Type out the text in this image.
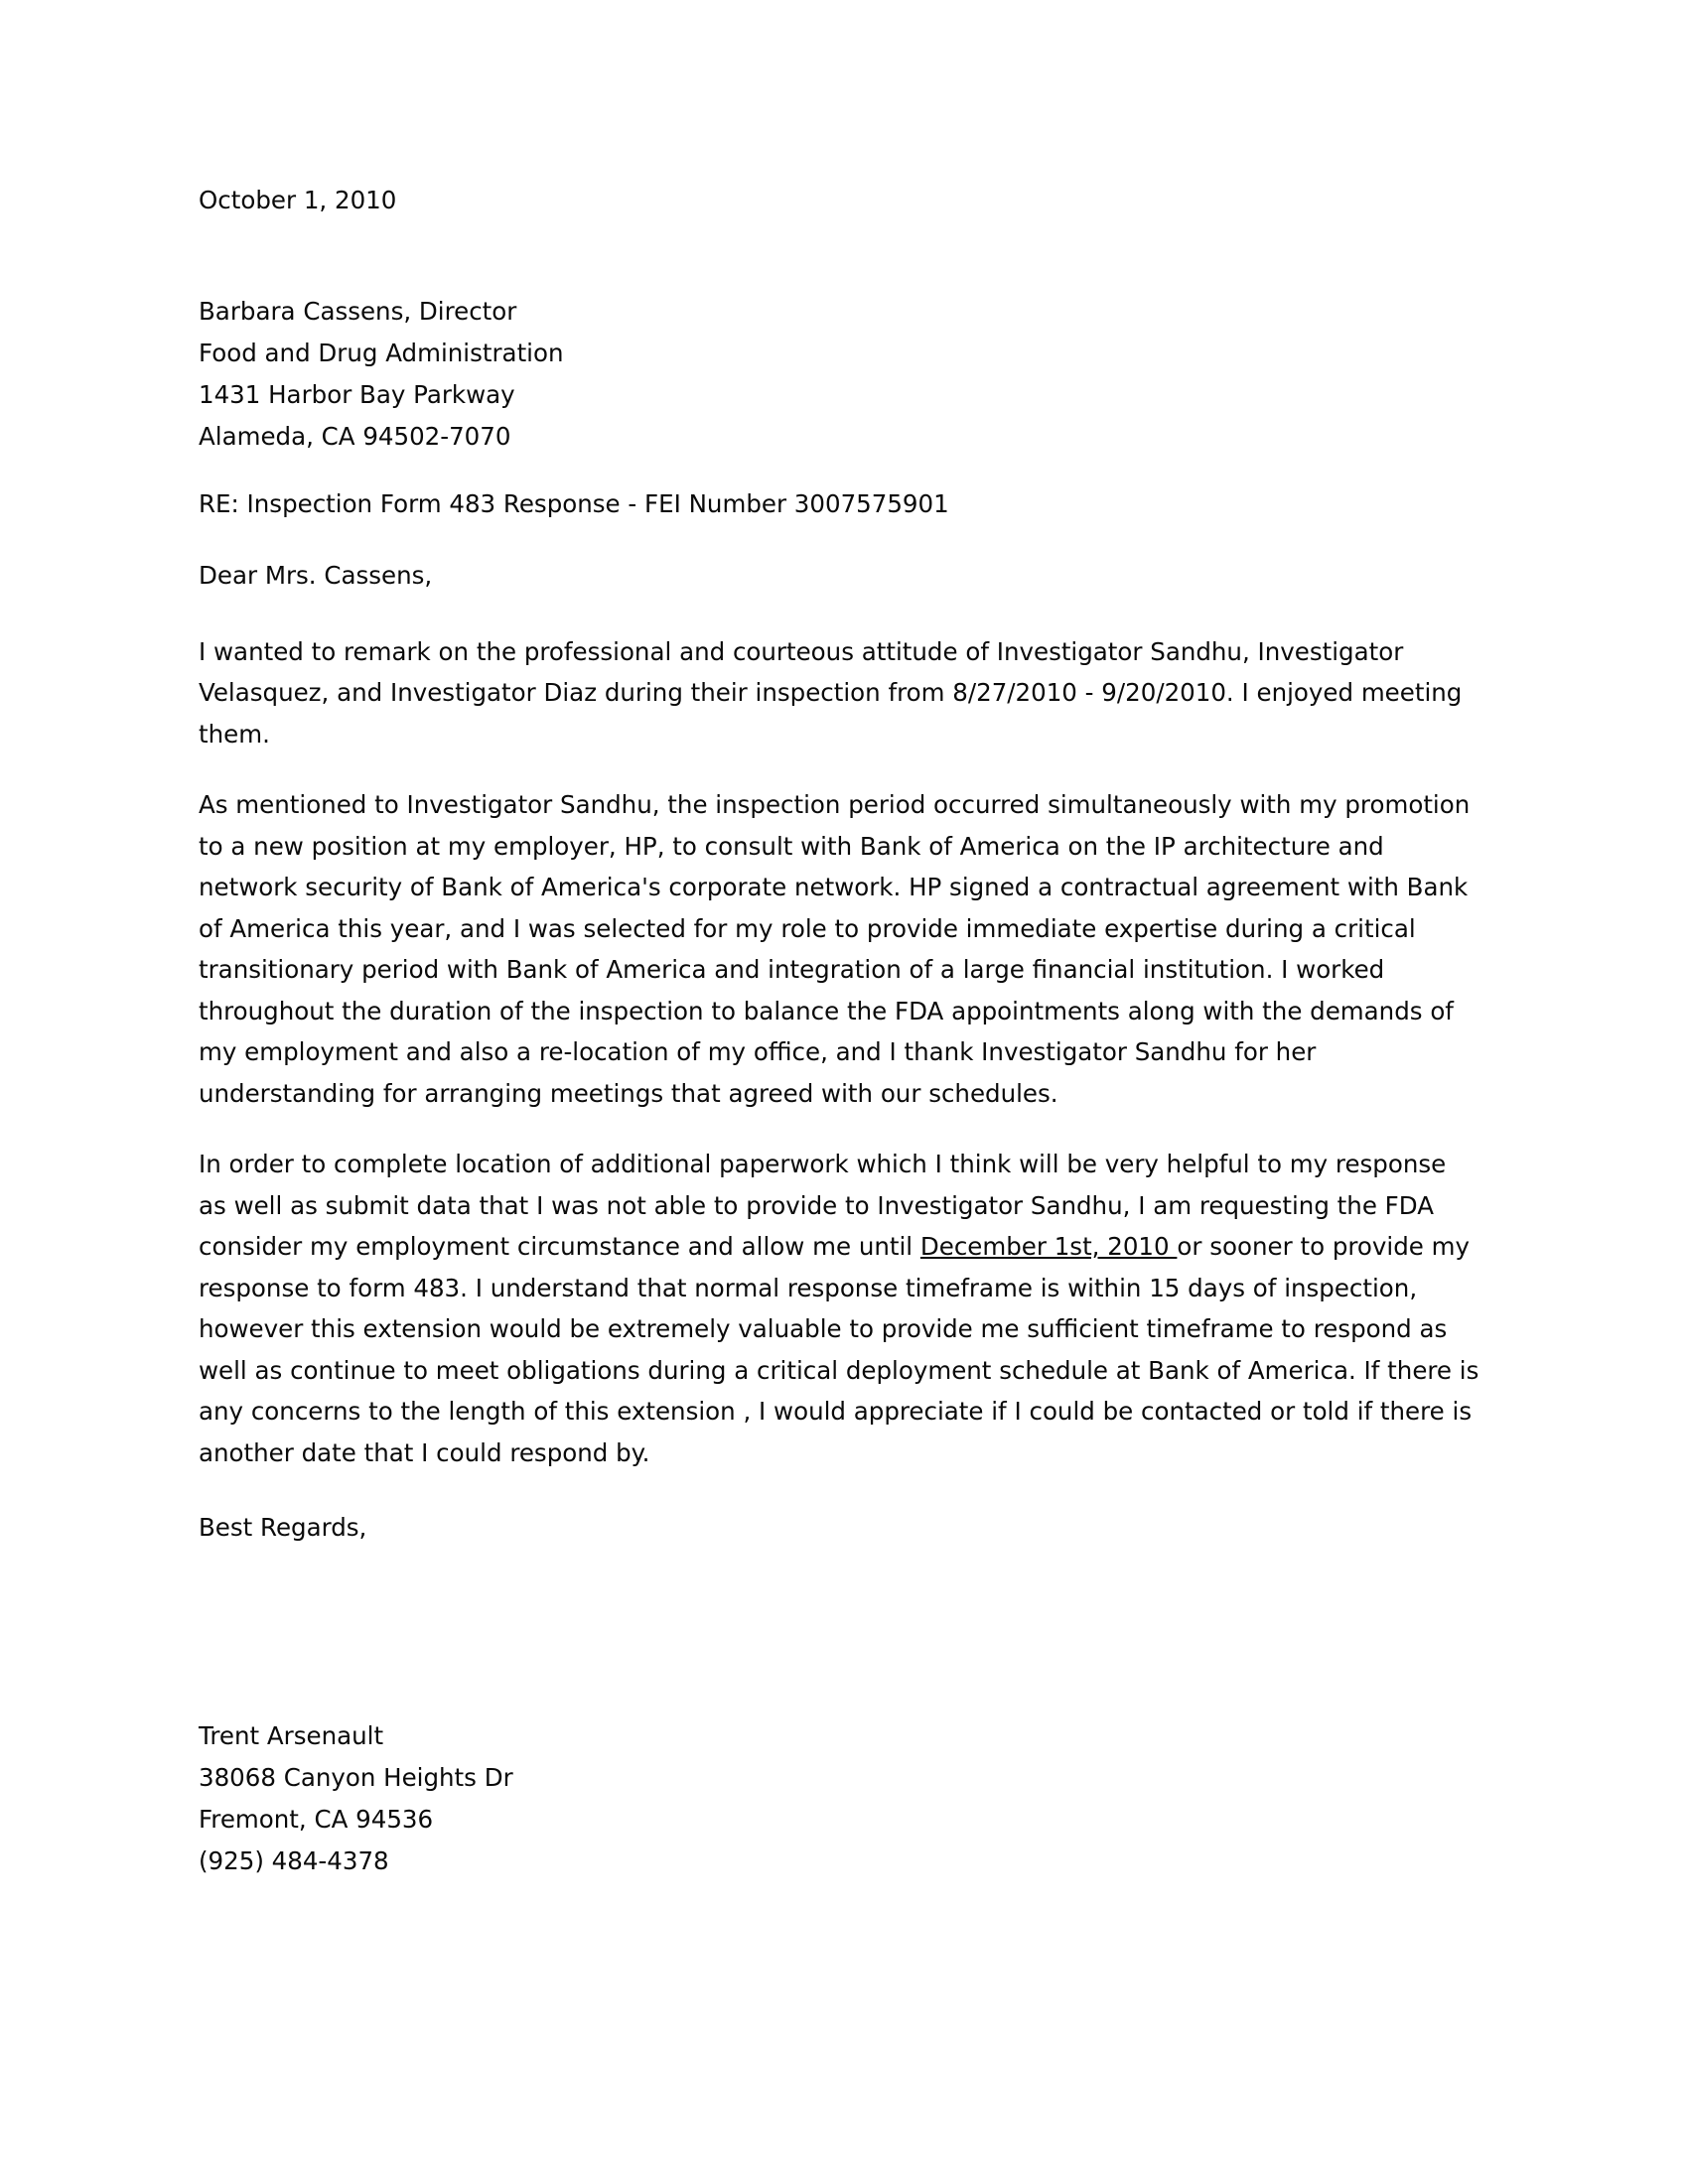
October 1, 2010
Barbara Cassens, Director
Food and Drug Administration
1431 Harbor Bay Parkway
Alameda, CA 94502-7070
RE: Inspection Form 483 Response - FEI Number 3007575901
Dear Mrs. Cassens,

I wanted to remark on the professional and courteous attitude of Investigator Sandhu, Investigator Velasquez, and Investigator Diaz during their inspection from 8/27/2010 - 9/20/2010. I enjoyed meeting them.

As mentioned to Investigator Sandhu, the inspection period occurred simultaneously with my promotion to a new position at my employer, HP, to consult with Bank of America on the IP architecture and network security of Bank of America's corporate network. HP signed a contractual agreement with Bank of America this year, and I was selected for my role to provide immediate expertise during a critical transitionary period with Bank of America and integration of a large financial institution. I worked throughout the duration of the inspection to balance the FDA appointments along with the demands of my employment and also a re-location of my office, and I thank Investigator Sandhu for her understanding for arranging meetings that agreed with our schedules.

In order to complete location of additional paperwork which I think will be very helpful to my response as well as submit data that I was not able to provide to Investigator Sandhu, I am requesting the FDA consider my employment circumstance and allow me until December 1st, 2010 or sooner to provide my response to form 483. I understand that normal response timeframe is within 15 days of inspection, however this extension would be extremely valuable to provide me sufficient timeframe to respond as well as continue to meet obligations during a critical deployment schedule at Bank of America. If there is any concerns to the length of this extension , I would appreciate if I could be contacted or told if there is another date that I could respond by.

Best Regards,
Trent Arsenault
38068 Canyon Heights Dr
Fremont, CA 94536
(925) 484-4378
